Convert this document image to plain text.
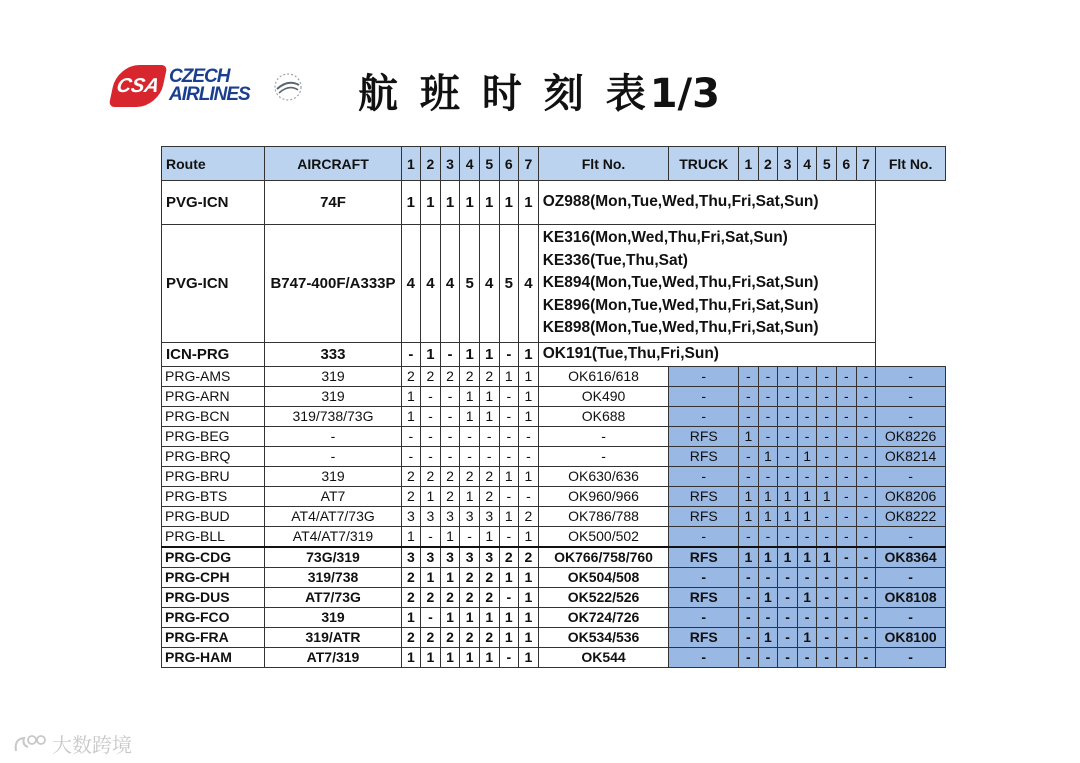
CSA CZECH
AIRLINES	航 班 时 刻 表1/3
Route	AIRCRAFT	1	2	3	4	5	6	7	Flt No.	TRUCK	1	2	3	4	5	6	7	Flt No.
PVG-ICN	74F	1	1	1	1	1	1	1	OZ988(Mon,Tue,Wed,Thu,Fri,Sat,Sun)									
PVG-ICN	B747-400F/A333P	4	4	4	5	4	5	4	KE316(Mon,Wed,Thu,Fri,Sat,Sun)
KE336(Tue,Thu,Sat)
KE894(Mon,Tue,Wed,Thu,Fri,Sat,Sun)
KE896(Mon,Tue,Wed,Thu,Fri,Sat,Sun)
KE898(Mon,Tue,Wed,Thu,Fri,Sat,Sun)									
ICN-PRG	333	-	1	-	1	1	-	1	OK191(Tue,Thu,Fri,Sun)									
PRG-AMS	319	2	2	2	2	2	1	1	OK616/618	-	-	-	-	-	-	-	-	-
PRG-ARN	319	1	-	-	1	1	-	1	OK490	-	-	-	-	-	-	-	-	-
PRG-BCN	319/738/73G	1	-	-	1	1	-	1	OK688	-	-	-	-	-	-	-	-	-
PRG-BEG	-	-	-	-	-	-	-	-	-	RFS	1	-	-	-	-	-	-	OK8226
PRG-BRQ	-	-	-	-	-	-	-	-	-	RFS	-	1	-	1	-	-	-	OK8214
PRG-BRU	319	2	2	2	2	2	1	1	OK630/636	-	-	-	-	-	-	-	-	-
PRG-BTS	AT7	2	1	2	1	2	-	-	OK960/966	RFS	1	1	1	1	1	-	-	OK8206
PRG-BUD	AT4/AT7/73G	3	3	3	3	3	1	2	OK786/788	RFS	1	1	1	1	-	-	-	OK8222
PRG-BLL	AT4/AT7/319	1	-	1	-	1	-	1	OK500/502	-	-	-	-	-	-	-	-	-
PRG-CDG	73G/319	3	3	3	3	3	2	2	OK766/758/760	RFS	1	1	1	1	1	-	-	OK8364
PRG-CPH	319/738	2	1	1	2	2	1	1	OK504/508	-	-	-	-	-	-	-	-	-
PRG-DUS	AT7/73G	2	2	2	2	2	-	1	OK522/526	RFS	-	1	-	1	-	-	-	OK8108
PRG-FCO	319	1	-	1	1	1	1	1	OK724/726	-	-	-	-	-	-	-	-	-
PRG-FRA	319/ATR	2	2	2	2	2	1	1	OK534/536	RFS	-	1	-	1	-	-	-	OK8100
PRG-HAM	AT7/319	1	1	1	1	1	-	1	OK544	-	-	-	-	-	-	-	-	-
大数跨境
